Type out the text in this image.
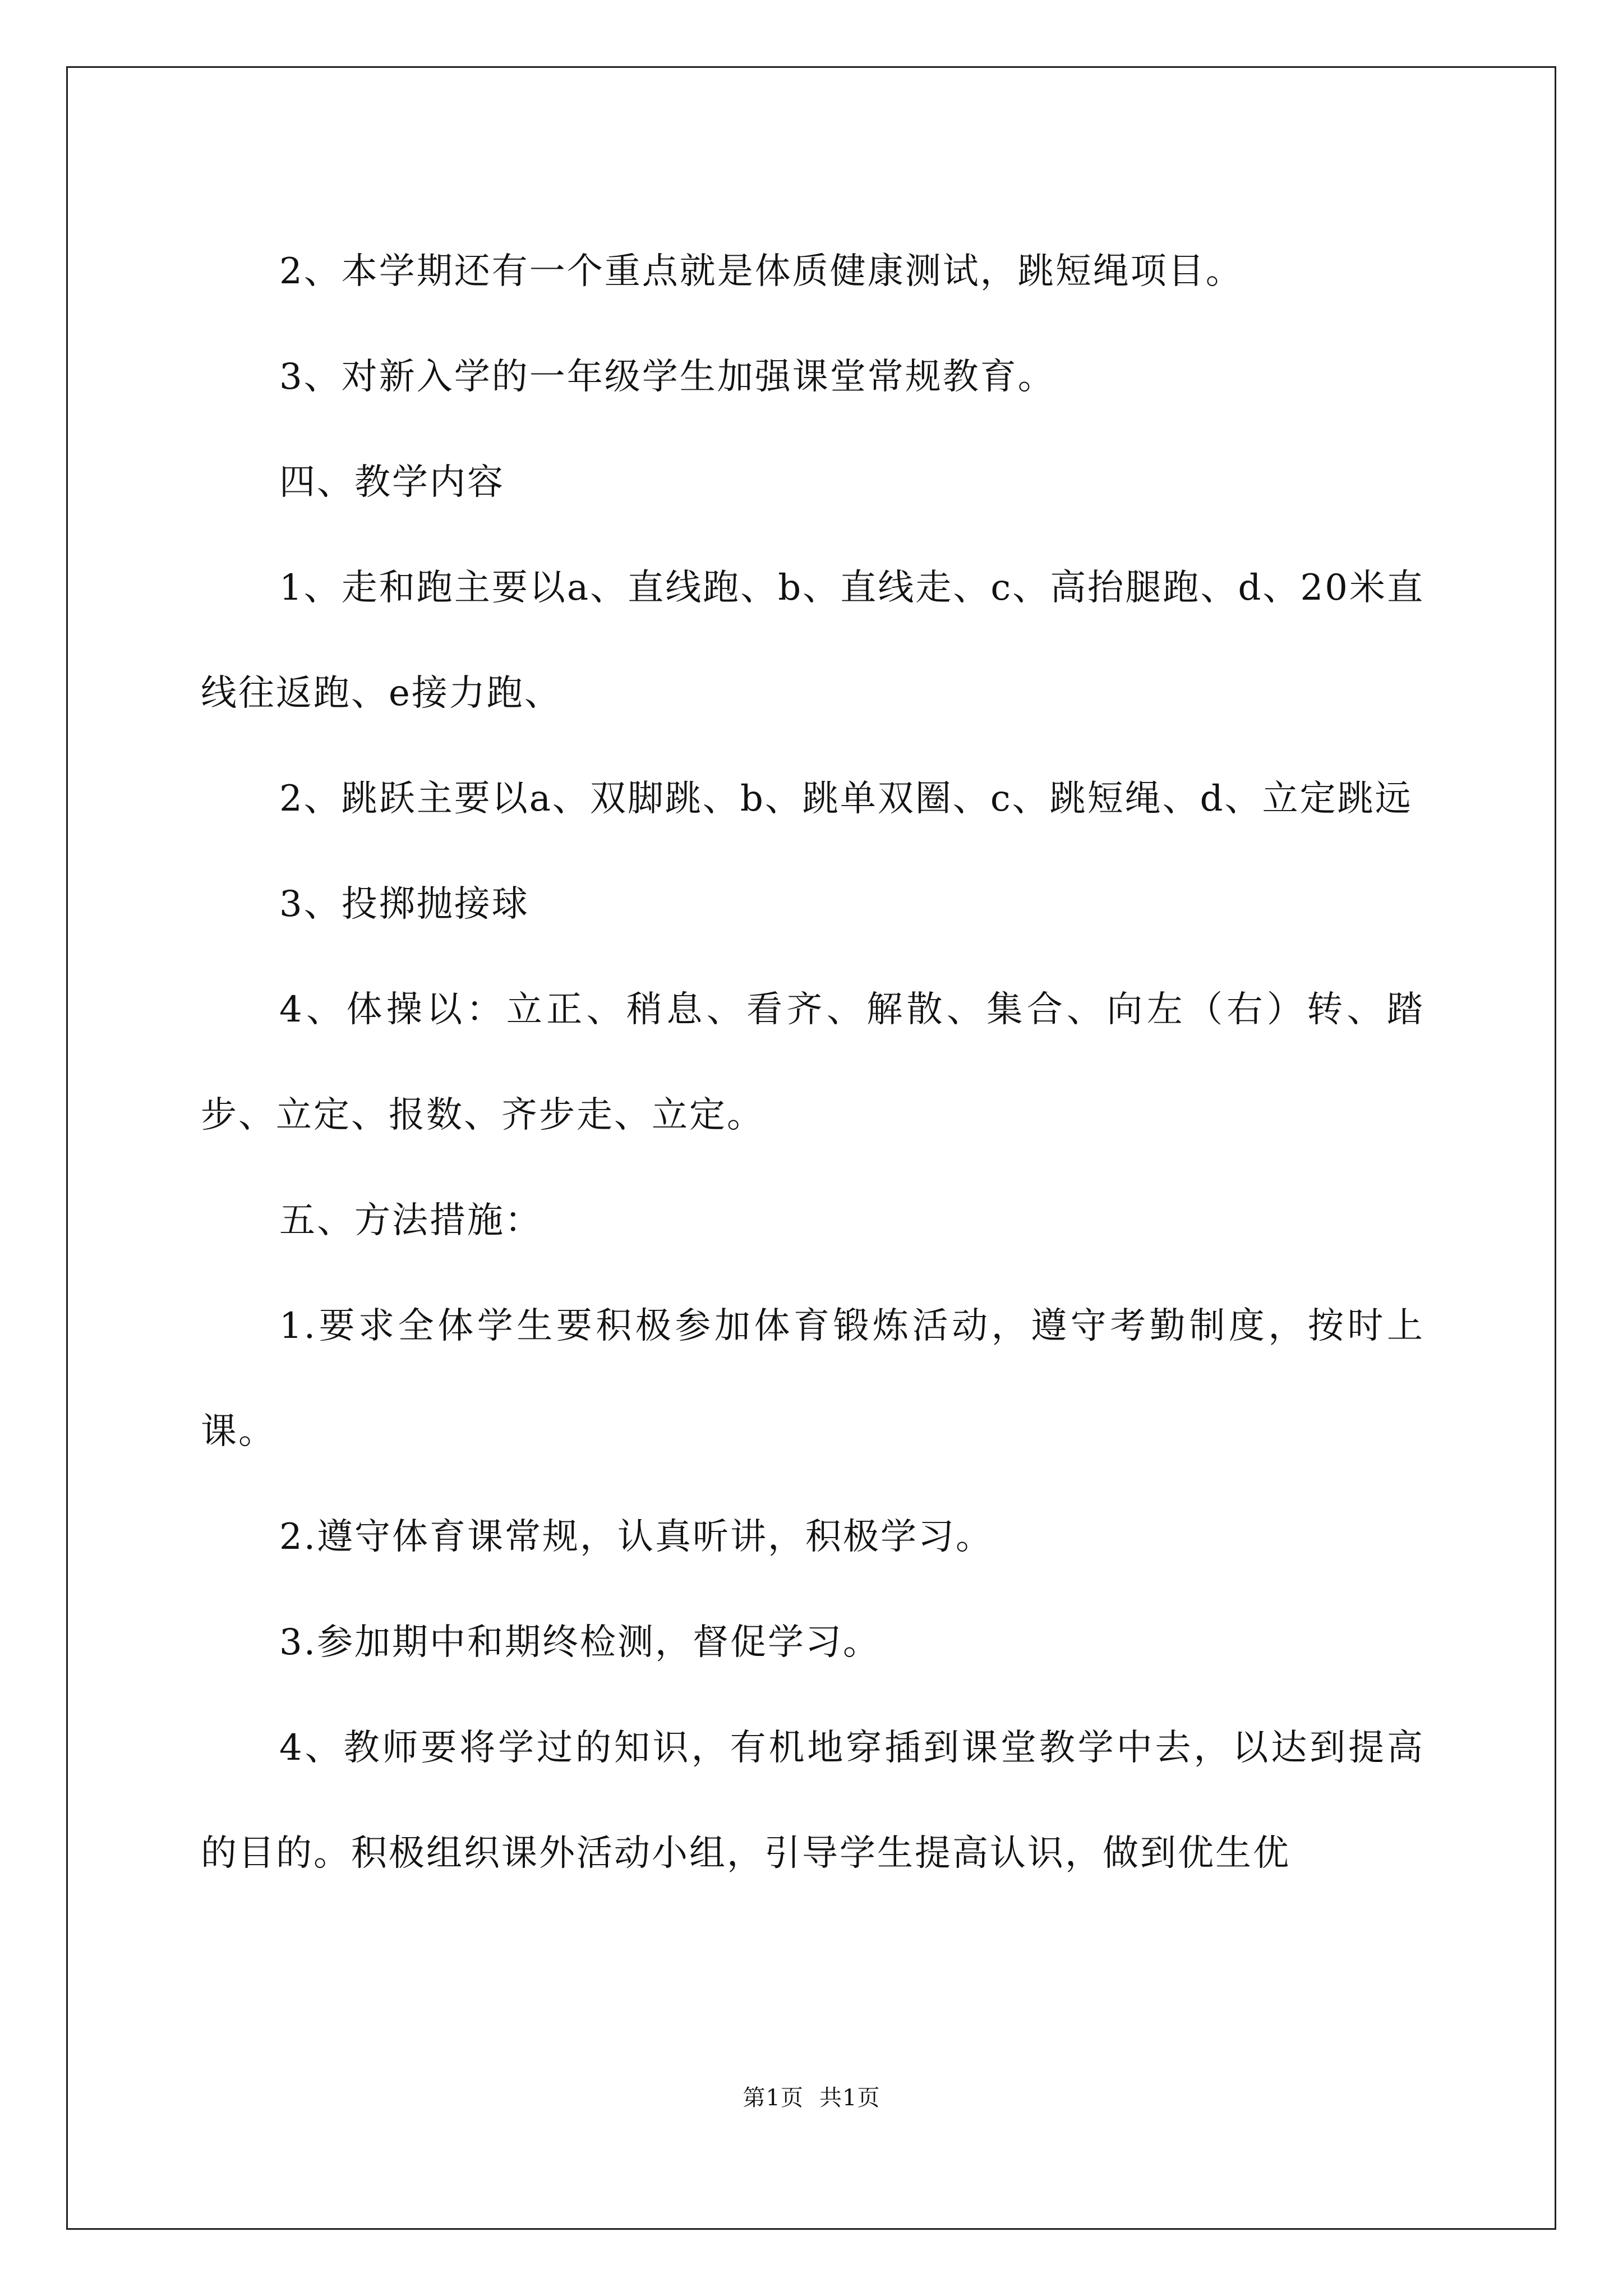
2、本学期还有一个重点就是体质健康测试，跳短绳项目。

3、对新入学的一年级学生加强课堂常规教育。

四、教学内容

1、走和跑主要以a、直线跑、b、直线走、c、高抬腿跑、d、20米直线往返跑、e接力跑、

2、跳跃主要以a、双脚跳、b、跳单双圈、c、跳短绳、d、立定跳远

3、投掷抛接球

4、体操以：立正、稍息、看齐、解散、集合、向左（右）转、踏步、立定、报数、齐步走、立定。

五、方法措施：

1.要求全体学生要积极参加体育锻炼活动，遵守考勤制度，按时上课。

2.遵守体育课常规，认真听讲，积极学习。

3.参加期中和期终检测，督促学习。

4、教师要将学过的知识，有机地穿插到课堂教学中去，以达到提高的目的。积极组织课外活动小组，引导学生提高认识，做到优生优

第1页 共1页
